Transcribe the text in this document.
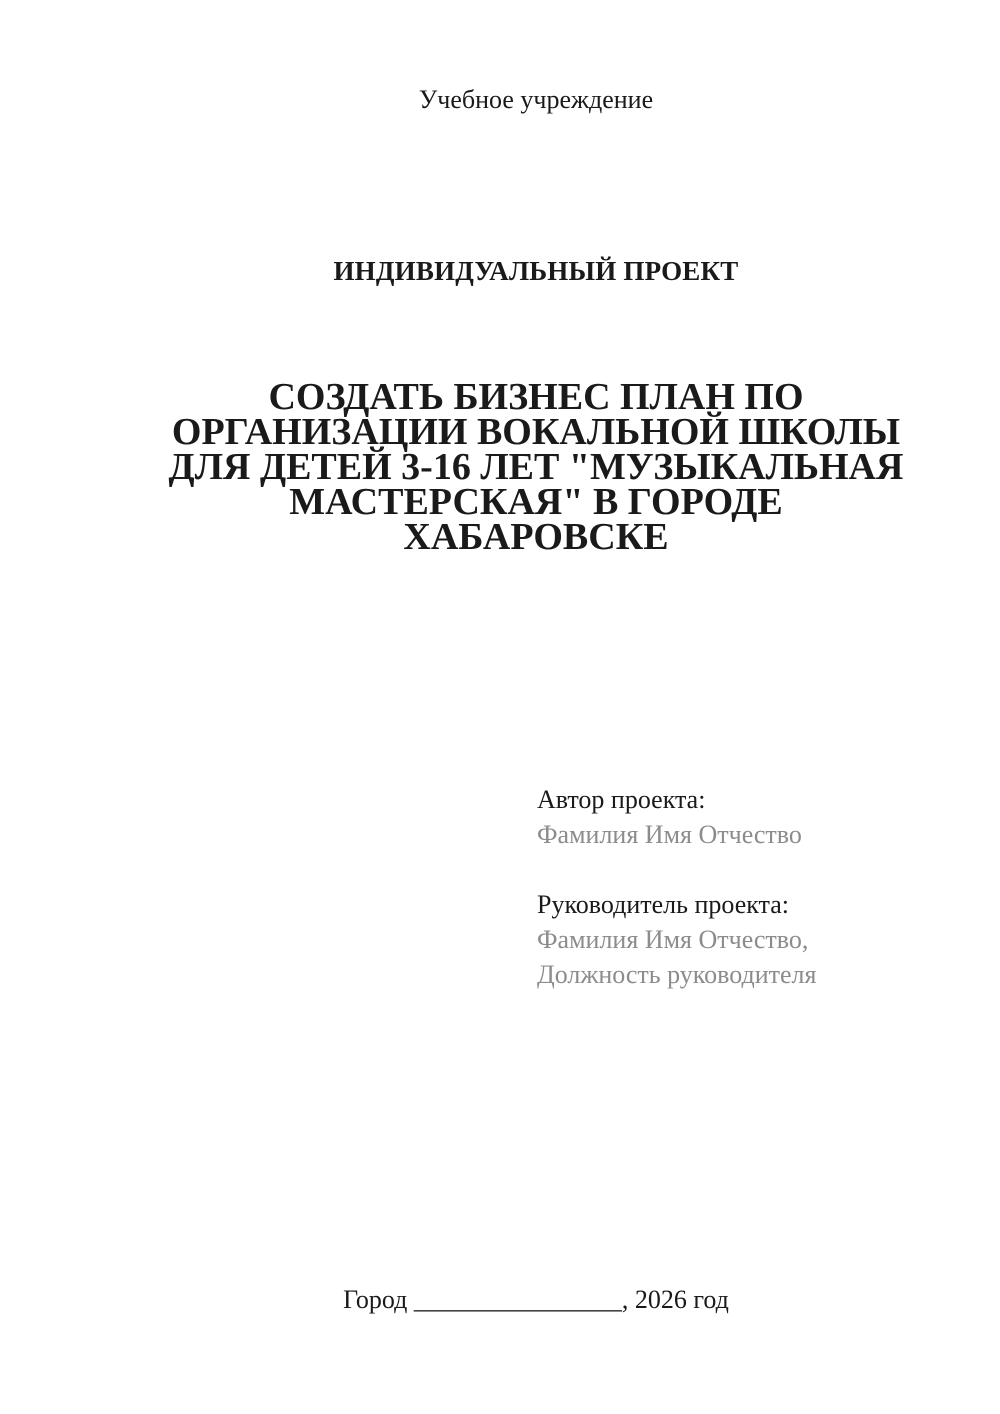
Учебное учреждение
ИНДИВИДУАЛЬНЫЙ ПРОЕКТ
СОЗДАТЬ БИЗНЕС ПЛАН ПО
ОРГАНИЗАЦИИ ВОКАЛЬНОЙ ШКОЛЫ
ДЛЯ ДЕТЕЙ 3-16 ЛЕТ "МУЗЫКАЛЬНАЯ
МАСТЕРСКАЯ" В ГОРОДЕ
ХАБАРОВСКЕ
Автор проекта:
Фамилия Имя Отчество
Руководитель проекта:
Фамилия Имя Отчество,
Должность руководителя
Город ________________, 2026 год
